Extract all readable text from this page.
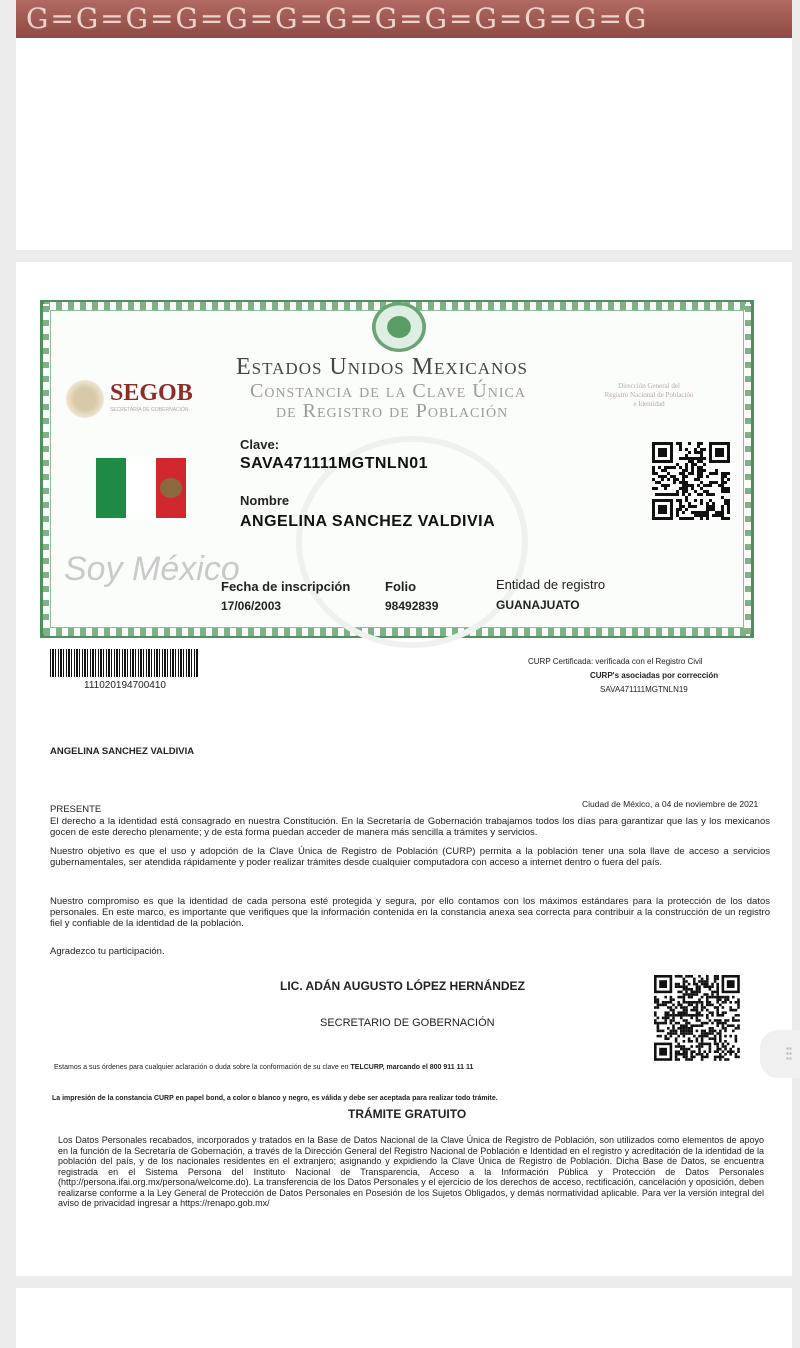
G=G=G=G=G=G=G=G=G=G=G=G=G
Estados Unidos Mexicanos
Constancia de la Clave Única
de Registro de Población
SEGOB
SECRETARÍA DE GOBERNACIÓN
Dirección General del
Registro Nacional de Población
e Identidad
Clave:
SAVA471111MGTNLN01
Nombre
ANGELINA SANCHEZ VALDIVIA
Soy México
Fecha de inscripción
17/06/2003
Folio
98492839
Entidad de registro
GUANAJUATO
111020194700410
CURP Certificada: verificada con el Registro Civil
CURP's asociadas por corrección
SAVA471111MGTNLN19
ANGELINA SANCHEZ VALDIVIA
PRESENTE	Ciudad de México, a 04 de noviembre de 2021
El derecho a la identidad está consagrado en nuestra Constitución. En la Secretaría de Gobernación trabajamos todos los días para garantizar que las y los mexicanos gocen de este derecho plenamente; y de esta forma puedan acceder de manera más sencilla a trámites y servicios.
Nuestro objetivo es que el uso y adopción de la Clave Única de Registro de Población (CURP) permita a la población tener una sola llave de acceso a servicios gubernamentales, ser atendida rápidamente y poder realizar trámites desde cualquier computadora con acceso a internet dentro o fuera del país.
Nuestro compromiso es que la identidad de cada persona esté protegida y segura, por ello contamos con los máximos estándares para la protección de los datos personales. En este marco, es importante que verifiques que la información contenida en la constancia anexa sea correcta para contribuir a la construcción de un registro fiel y confiable de la identidad de la población.
Agradezco tu participación.
LIC. ADÁN AUGUSTO LÓPEZ HERNÁNDEZ
SECRETARIO DE GOBERNACIÓN
Estamos a sus órdenes para cualquier aclaración o duda sobre la conformación de su clave en TELCURP, marcando el 800 911 11 11
La impresión de la constancia CURP en papel bond, a color o blanco y negro, es válida y debe ser aceptada para realizar todo trámite.
TRÁMITE GRATUITO
Los Datos Personales recabados, incorporados y tratados en la Base de Datos Nacional de la Clave Única de Registro de Población, son utilizados como elementos de apoyo en la función de la Secretaría de Gobernación, a través de la Dirección General del Registro Nacional de Población e Identidad en el registro y acreditación de la identidad de la población del país, y de los nacionales residentes en el extranjero; asignando y expidiendo la Clave Única de Registro de Población. Dicha Base de Datos, se encuentra registrada en el Sistema Persona del Instituto Nacional de Transparencia, Acceso a la Información Pública y Protección de Datos Personales (http://persona.ifai.org.mx/persona/welcome.do). La transferencia de los Datos Personales y el ejercicio de los derechos de acceso, rectificación, cancelación y oposición, deben realizarse conforme a la Ley General de Protección de Datos Personales en Posesión de los Sujetos Obligados, y demás normatividad aplicable. Para ver la versión integral del aviso de privacidad ingresar a https://renapo.gob.mx/
